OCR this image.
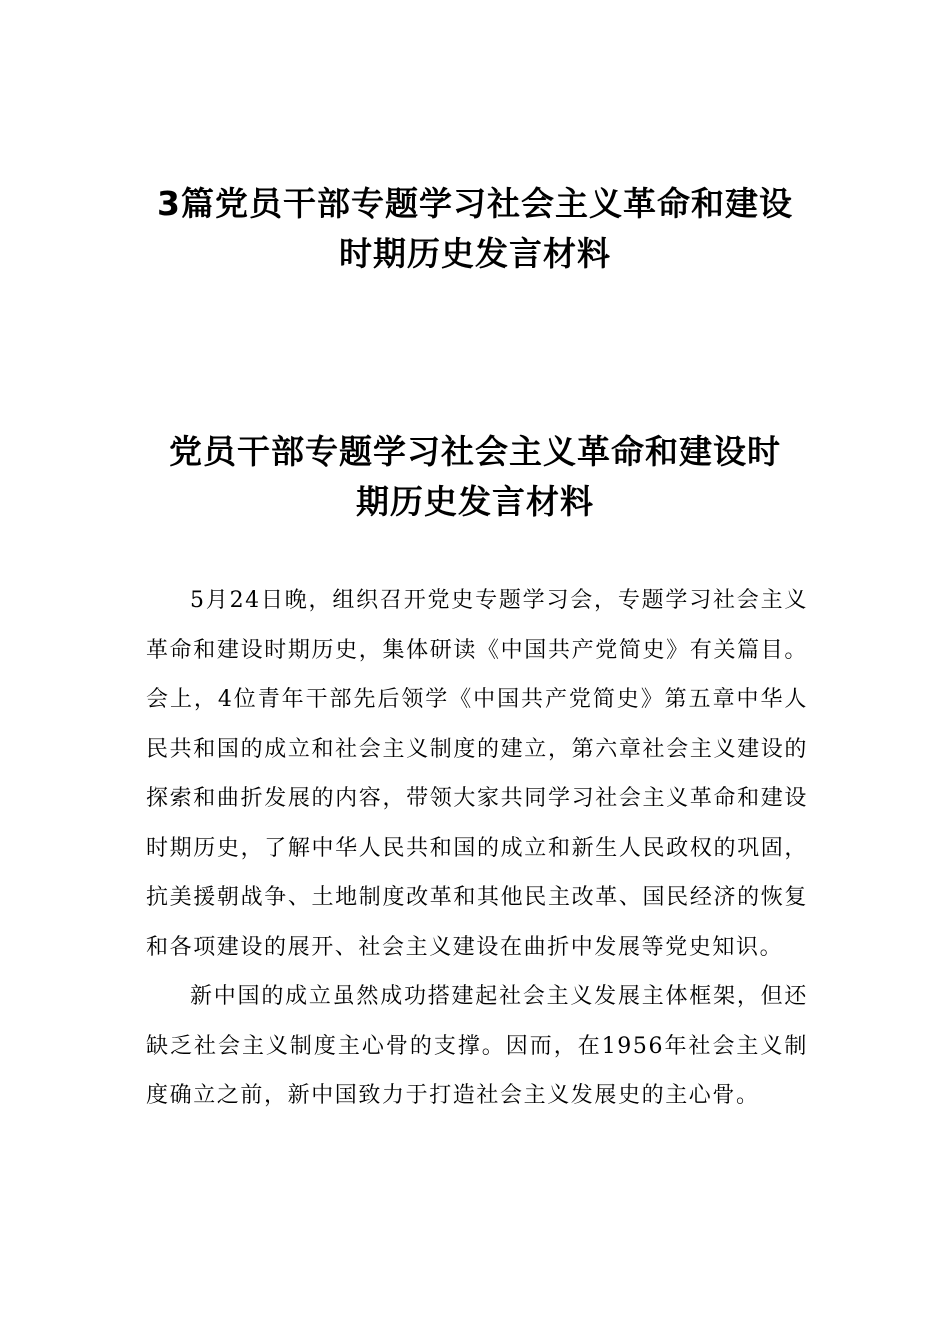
3篇党员干部专题学习社会主义革命和建设
时期历史发言材料
党员干部专题学习社会主义革命和建设时
期历史发言材料

5月24日晚，组织召开党史专题学习会，专题学习社会主义革命和建设时期历史，集体研读《中国共产党简史》有关篇目。会上，4位青年干部先后领学《中国共产党简史》第五章中华人民共和国的成立和社会主义制度的建立，第六章社会主义建设的探索和曲折发展的内容，带领大家共同学习社会主义革命和建设时期历史，了解中华人民共和国的成立和新生人民政权的巩固，抗美援朝战争、土地制度改革和其他民主改革、国民经济的恢复和各项建设的展开、社会主义建设在曲折中发展等党史知识。

新中国的成立虽然成功搭建起社会主义发展主体框架，但还缺乏社会主义制度主心骨的支撑。因而，在1956年社会主义制度确立之前，新中国致力于打造社会主义发展史的主心骨。
